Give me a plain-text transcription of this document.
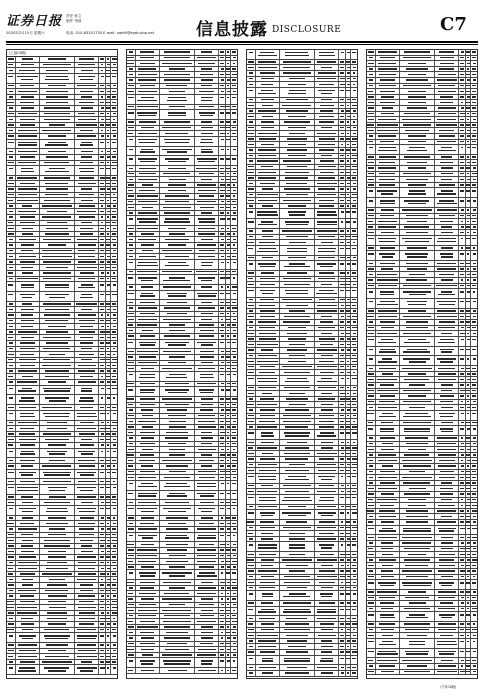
证券日报 责任·孙立
制作·李波
2020年2月15日 星期六	电话: 010-83251730 E-mail: zqrb9@zqrb.sina.net 信息披露 DISCLOSURE	C7
(上接C6版)
(下转C8版)
